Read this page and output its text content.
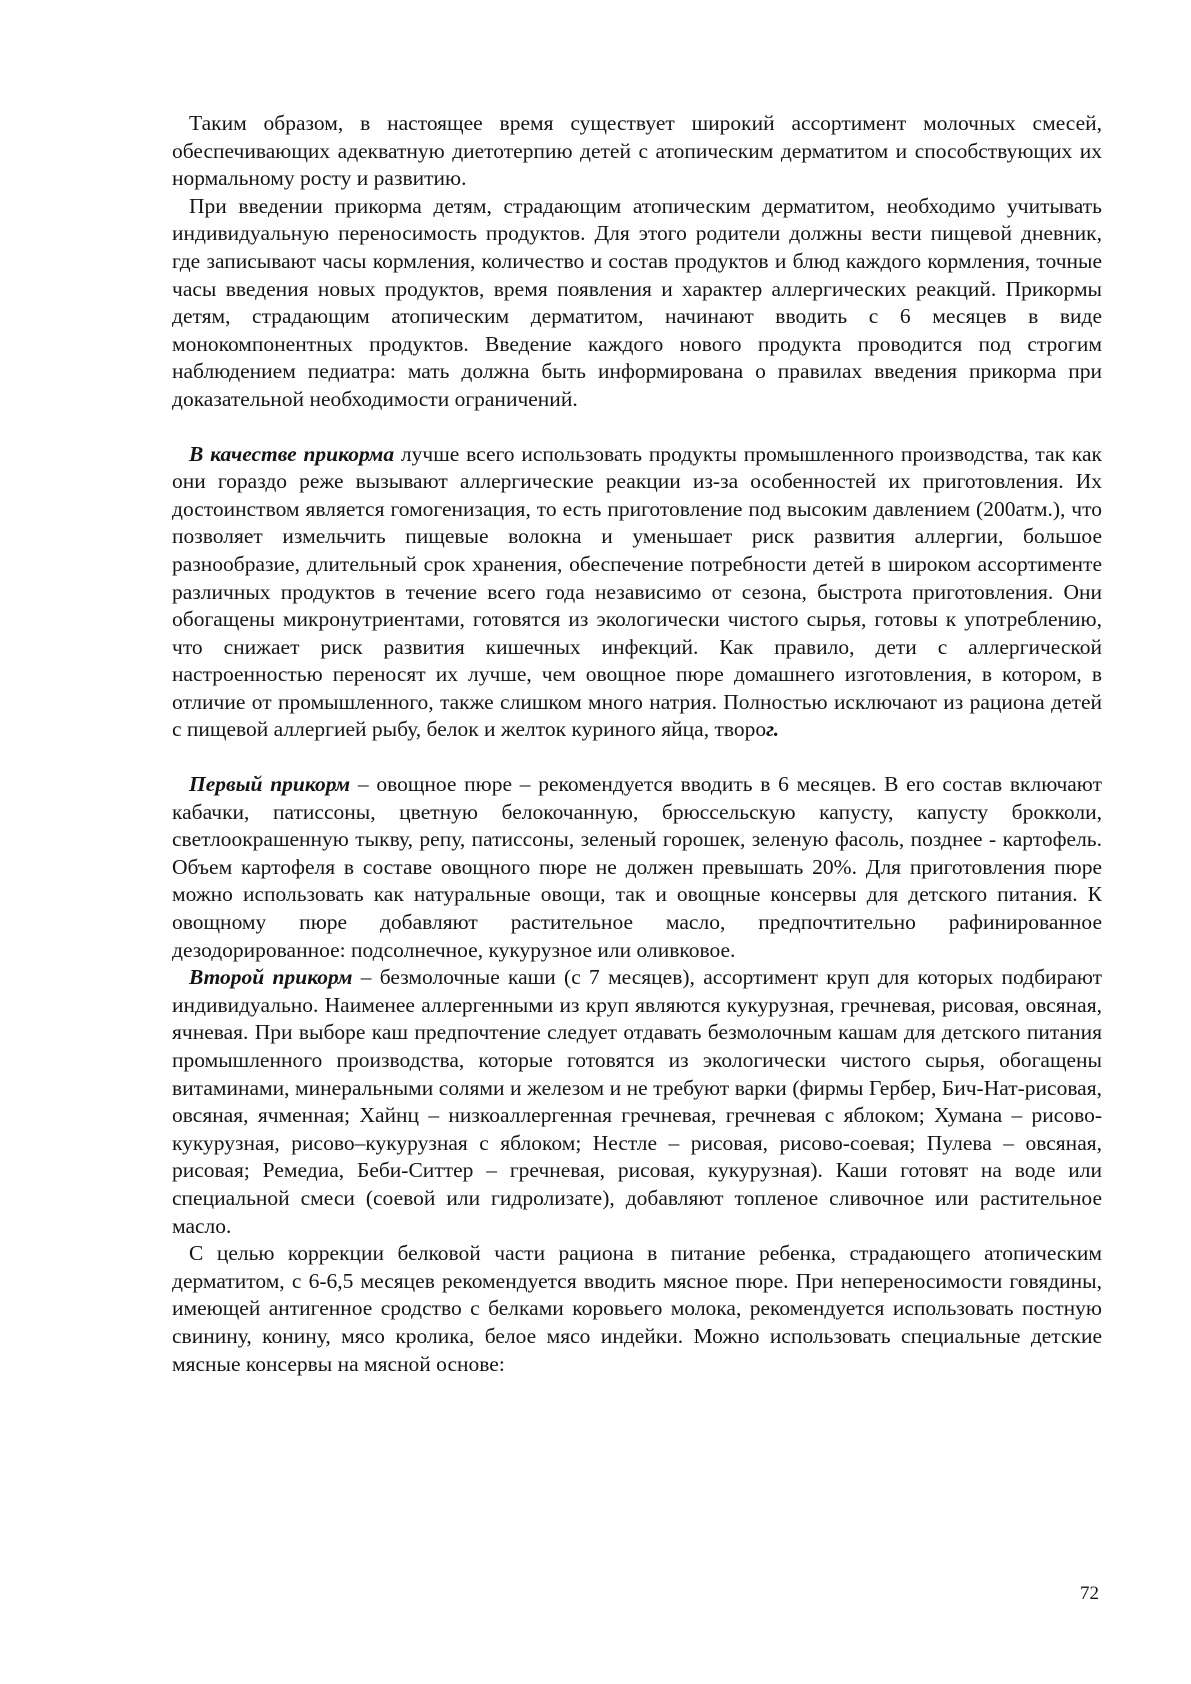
Таким образом, в настоящее время существует широкий ассортимент молочных смесей, обеспечивающих адекватную диетотерпию детей с атопическим дерматитом и способствующих их нормальному росту и развитию.

При введении прикорма детям, страдающим атопическим дерматитом, необходимо учитывать индивидуальную переносимость продуктов. Для этого родители должны вести пищевой дневник, где записывают часы кормления, количество и состав продуктов и блюд каждого кормления, точные часы введения новых продуктов, время появления и характер аллергических реакций. Прикормы детям, страдающим атопическим дерматитом, начинают вводить с 6 месяцев в виде монокомпонентных продуктов. Введение каждого нового продукта проводится под строгим наблюдением педиатра: мать должна быть информирована о правилах введения прикорма при доказательной необходимости ограничений.

В качестве прикорма лучше всего использовать продукты промышленного производства, так как они гораздо реже вызывают аллергические реакции из-за особенностей их приготовления. Их достоинством является гомогенизация, то есть приготовление под высоким давлением (200атм.), что позволяет измельчить пищевые волокна и уменьшает риск развития аллергии, большое разнообразие, длительный срок хранения, обеспечение потребности детей в широком ассортименте различных продуктов в течение всего года независимо от сезона, быстрота приготовления. Они обогащены микронутриентами, готовятся из экологически чистого сырья, готовы к употреблению, что снижает риск развития кишечных инфекций. Как правило, дети с аллергической настроенностью переносят их лучше, чем овощное пюре домашнего изготовления, в котором, в отличие от промышленного, также слишком много натрия. Полностью исключают из рациона детей с пищевой аллергией рыбу, белок и желток куриного яйца, творог.

Первый прикорм – овощное пюре – рекомендуется вводить в 6 месяцев. В его состав включают кабачки, патиссоны, цветную белокочанную, брюссельскую капусту, капусту брокколи, светлоокрашенную тыкву, репу, патиссоны, зеленый горошек, зеленую фасоль, позднее - картофель. Объем картофеля в составе овощного пюре не должен превышать 20%. Для приготовления пюре можно использовать как натуральные овощи, так и овощные консервы для детского питания. К овощному пюре добавляют растительное масло, предпочтительно рафинированное дезодорированное: подсолнечное, кукурузное или оливковое.

Второй прикорм – безмолочные каши (с 7 месяцев), ассортимент круп для которых подбирают индивидуально. Наименее аллергенными из круп являются кукурузная, гречневая, рисовая, овсяная, ячневая. При выборе каш предпочтение следует отдавать безмолочным кашам для детского питания промышленного производства, которые готовятся из экологически чистого сырья, обогащены витаминами, минеральными солями и железом и не требуют варки (фирмы Гербер, Бич-Нат-рисовая, овсяная, ячменная; Хайнц – низкоаллергенная гречневая, гречневая с яблоком; Хумана – рисово-кукурузная, рисово–кукурузная с яблоком; Нестле – рисовая, рисово-соевая; Пулева – овсяная, рисовая; Ремедиа, Беби-Ситтер – гречневая, рисовая, кукурузная). Каши готовят на воде или специальной смеси (соевой или гидролизате), добавляют топленое сливочное или растительное масло.

С целью коррекции белковой части рациона в питание ребенка, страдающего атопическим дерматитом, с 6-6,5 месяцев рекомендуется вводить мясное пюре. При непереносимости говядины, имеющей антигенное сродство с белками коровьего молока, рекомендуется использовать постную свинину, конину, мясо кролика, белое мясо индейки. Можно использовать специальные детские мясные консервы на мясной основе:

72
